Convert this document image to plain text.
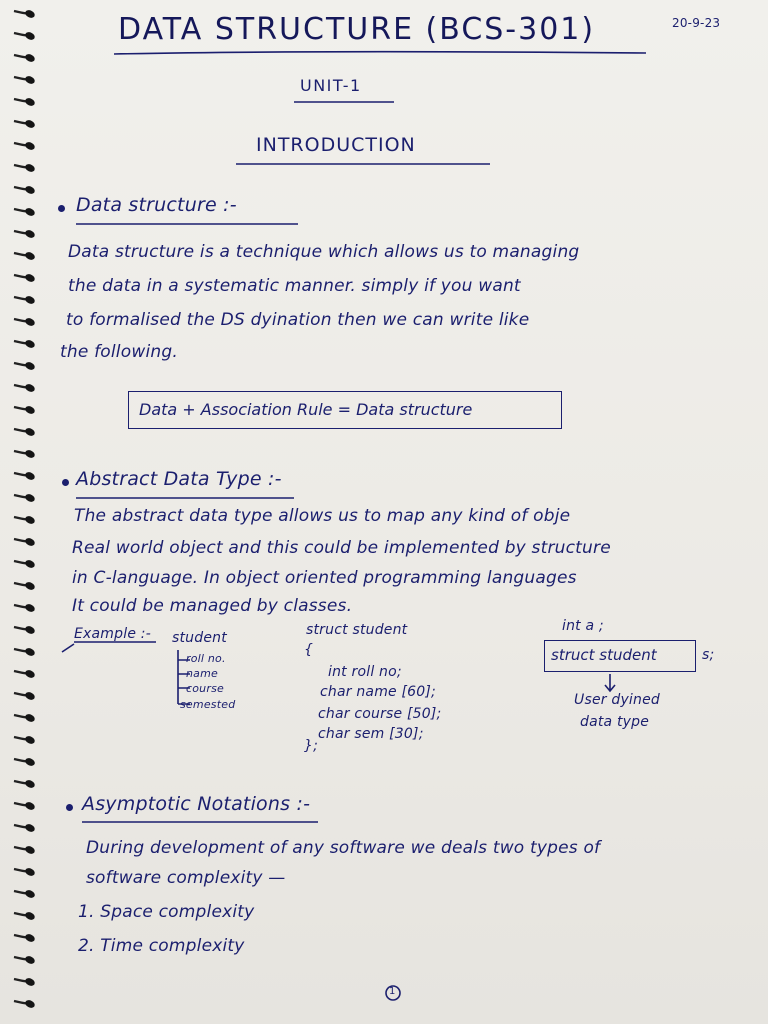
DATA STRUCTURE (BCS-301)	20-9-23
UNIT-1
INTRODUCTION
Data structure :-
Data structure is a technique which allows us to managing
the data in a systematic manner. simply if you want
to formalised the DS dyination then we can write like
the following.
Data + Association Rule = Data structure
Abstract Data Type :-
The abstract data type allows us to map any kind of obje
Real world object and this could be implemented by structure
in C-language. In object oriented programming languages
It could be managed by classes.
Example :- student
roll no.
name
course
semested
struct student
{
int roll no;
char name [60];
char course [50];
char sem [30];
};
int a ;
struct student	s;
User dyined
data type
Asymptotic Notations :-
During development of any software we deals two types of
software complexity —
1. Space complexity
2. Time complexity
1
